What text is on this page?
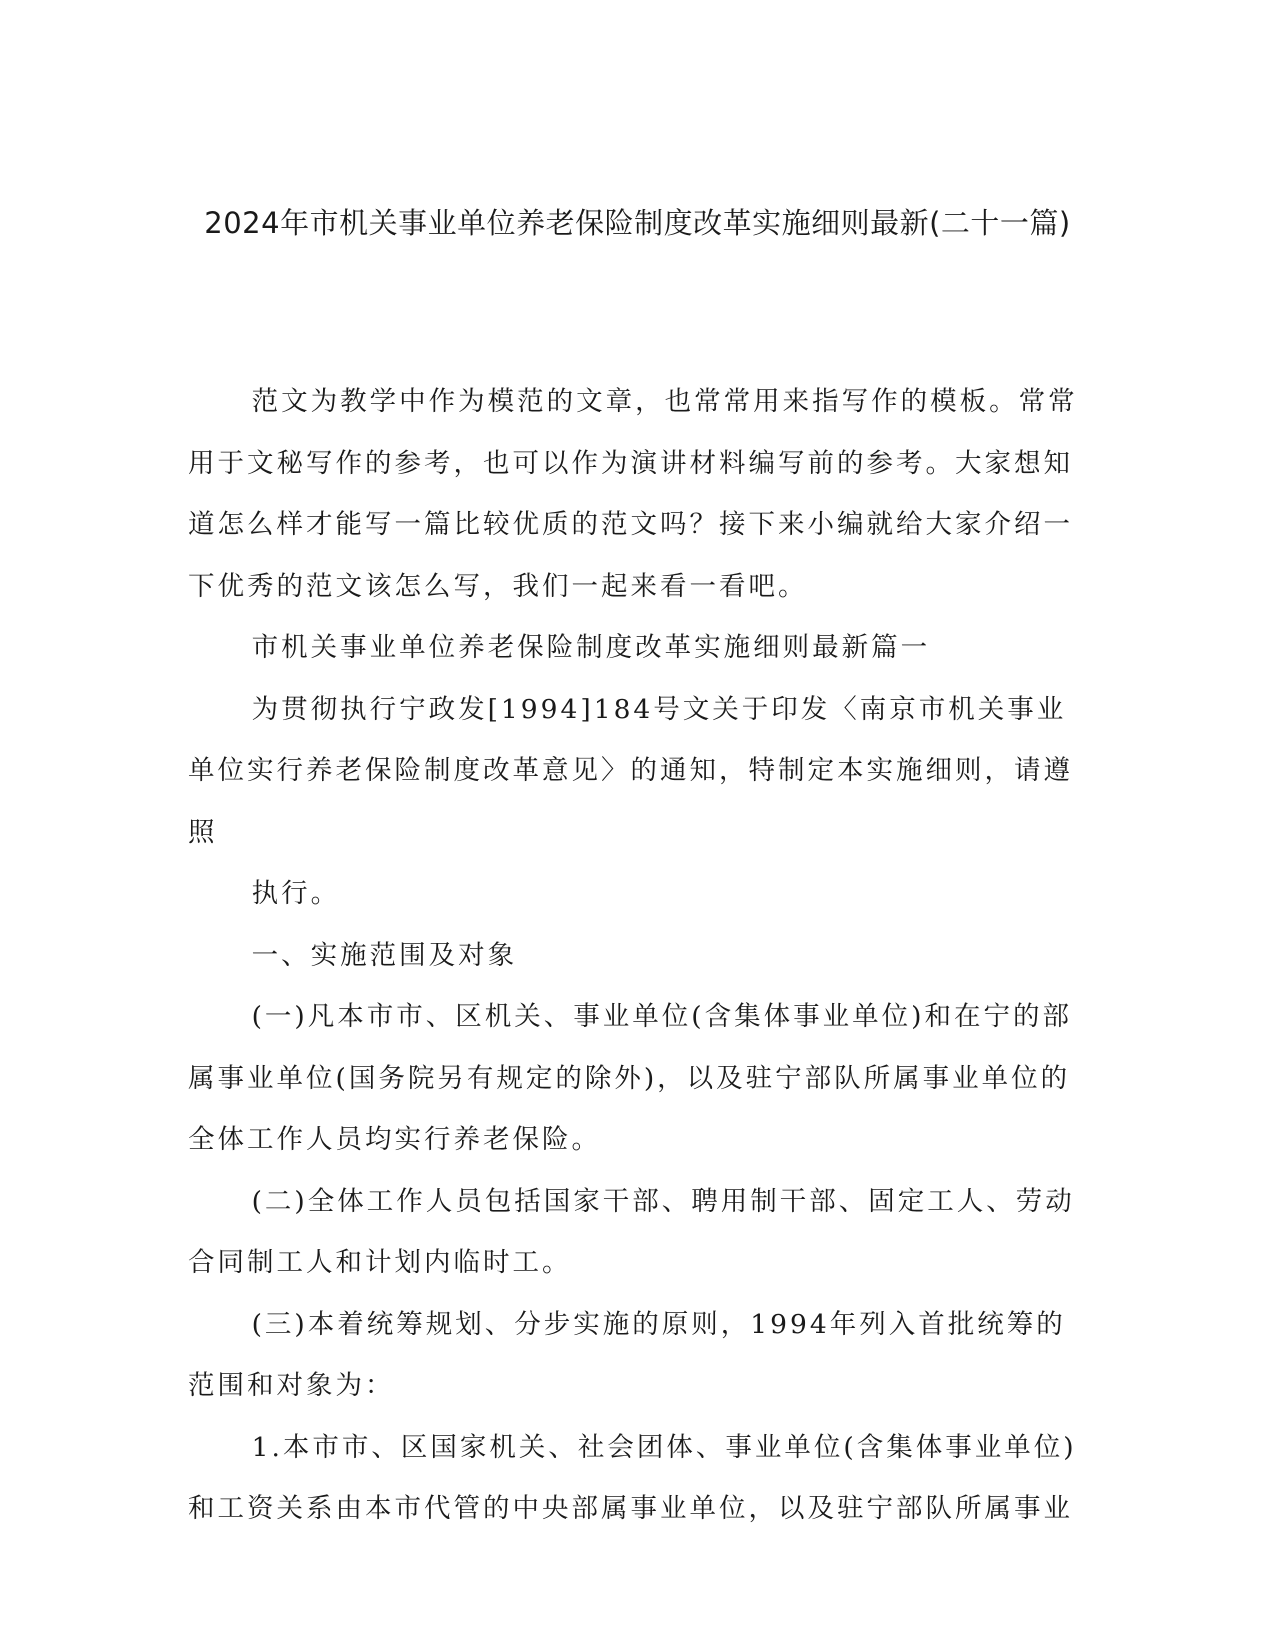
2024年市机关事业单位养老保险制度改革实施细则最新(二十一篇)

范文为教学中作为模范的文章，也常常用来指写作的模板。常常用于文秘写作的参考，也可以作为演讲材料编写前的参考。大家想知道怎么样才能写一篇比较优质的范文吗？接下来小编就给大家介绍一下优秀的范文该怎么写，我们一起来看一看吧。

市机关事业单位养老保险制度改革实施细则最新篇一

为贯彻执行宁政发[1994]184号文关于印发〈南京市机关事业单位实行养老保险制度改革意见〉的通知，特制定本实施细则，请遵照

执行。

一、实施范围及对象

(一)凡本市市、区机关、事业单位(含集体事业单位)和在宁的部属事业单位(国务院另有规定的除外)，以及驻宁部队所属事业单位的全体工作人员均实行养老保险。

(二)全体工作人员包括国家干部、聘用制干部、固定工人、劳动合同制工人和计划内临时工。

(三)本着统筹规划、分步实施的原则，1994年列入首批统筹的范围和对象为：

1.本市市、区国家机关、社会团体、事业单位(含集体事业单位)和工资关系由本市代管的中央部属事业单位，以及驻宁部队所属事业
